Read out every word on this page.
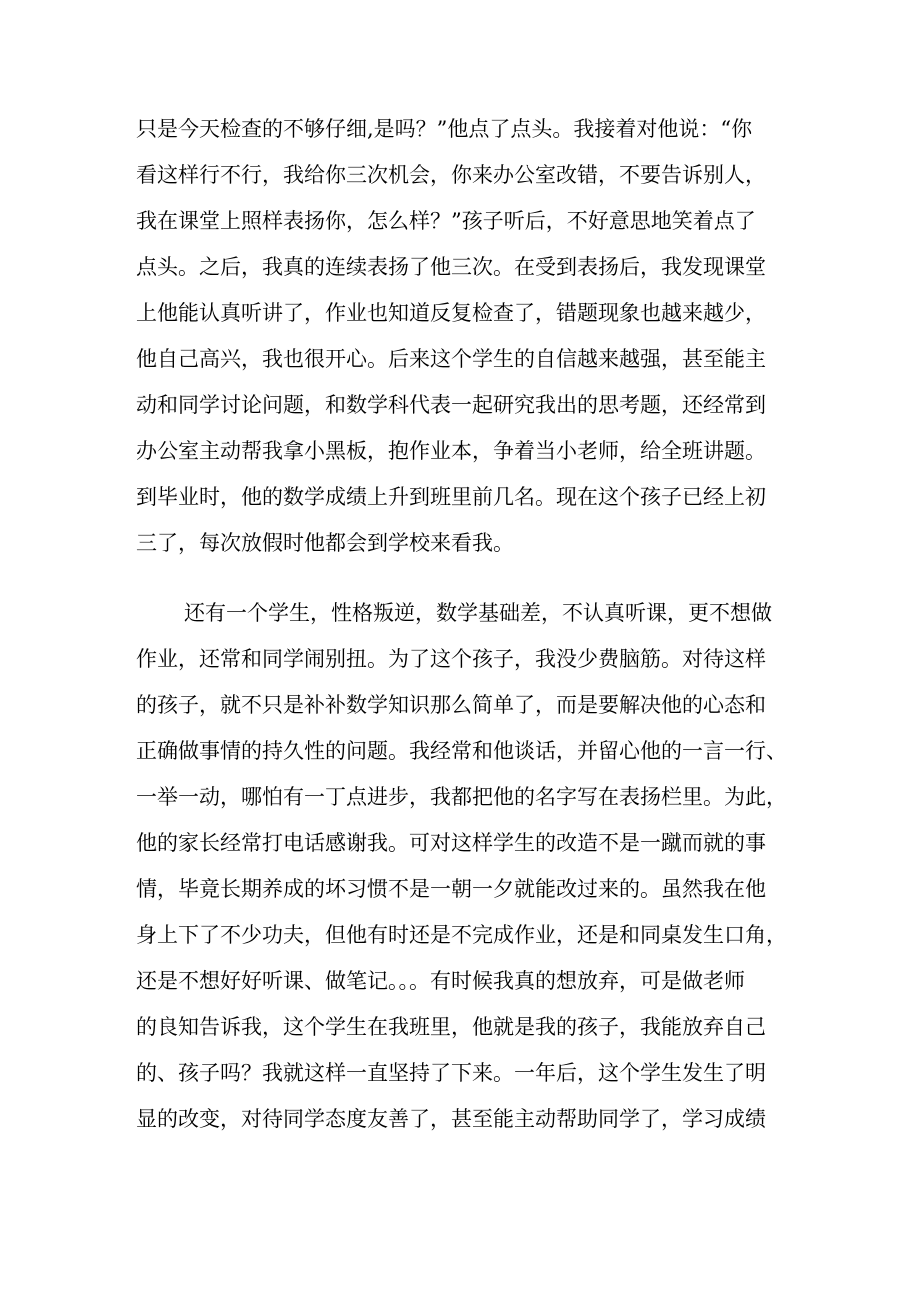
只是今天检查的不够仔细,是吗？”他点了点头。我接着对他说：“你
看这样行不行，我给你三次机会，你来办公室改错，不要告诉别人，
我在课堂上照样表扬你，怎么样？”孩子听后，不好意思地笑着点了
点头。之后，我真的连续表扬了他三次。在受到表扬后，我发现课堂
上他能认真听讲了，作业也知道反复检查了，错题现象也越来越少，
他自己高兴，我也很开心。后来这个学生的自信越来越强，甚至能主
动和同学讨论问题，和数学科代表一起研究我出的思考题，还经常到
办公室主动帮我拿小黑板，抱作业本，争着当小老师，给全班讲题。
到毕业时，他的数学成绩上升到班里前几名。现在这个孩子已经上初
三了，每次放假时他都会到学校来看我。
还有一个学生，性格叛逆，数学基础差，不认真听课，更不想做
作业，还常和同学闹别扭。为了这个孩子，我没少费脑筋。对待这样
的孩子，就不只是补补数学知识那么简单了，而是要解决他的心态和
正确做事情的持久性的问题。我经常和他谈话，并留心他的一言一行、
一举一动，哪怕有一丁点进步，我都把他的名字写在表扬栏里。为此，
他的家长经常打电话感谢我。可对这样学生的改造不是一蹴而就的事
情，毕竟长期养成的坏习惯不是一朝一夕就能改过来的。虽然我在他
身上下了不少功夫，但他有时还是不完成作业，还是和同桌发生口角，
还是不想好好听课、做笔记。。。有时候我真的想放弃，可是做老师
的良知告诉我，这个学生在我班里，他就是我的孩子，我能放弃自己
的、孩子吗？我就这样一直坚持了下来。一年后，这个学生发生了明
显的改变，对待同学态度友善了，甚至能主动帮助同学了，学习成绩
